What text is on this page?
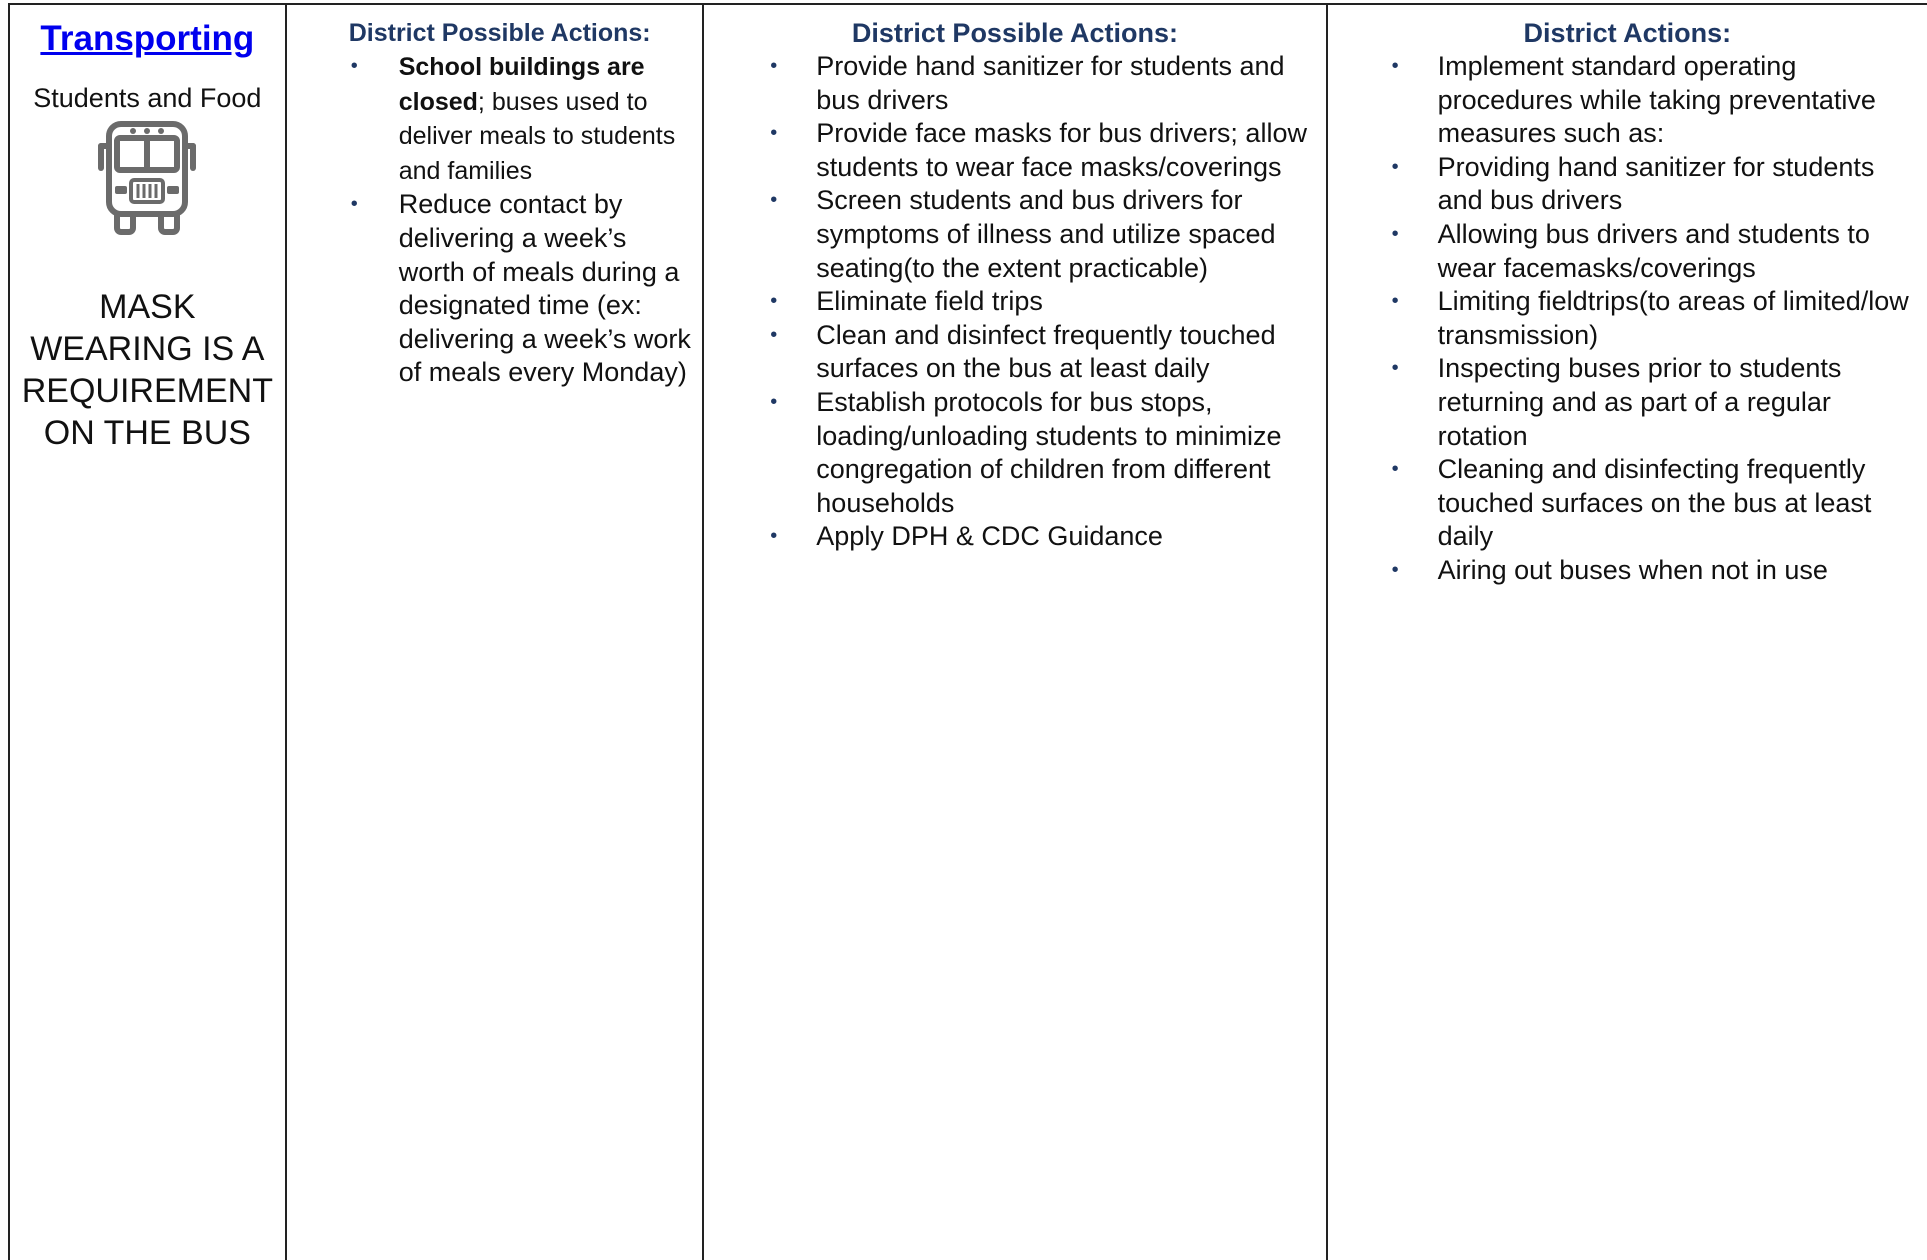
Transporting
Students and Food
MASK
WEARING IS A
REQUIREMENT
ON THE BUS
District Possible Actions:
• School buildings are closed; buses used to deliver meals to students and families
• Reduce contact by delivering a week’s worth of meals during a designated time (ex: delivering a week’s work of meals every Monday)
District Possible Actions:
• Provide hand sanitizer for students and bus drivers
• Provide face masks for bus drivers; allow students to wear face masks/coverings
• Screen students and bus drivers for symptoms of illness and utilize spaced seating(to the extent practicable)
• Eliminate field trips
• Clean and disinfect frequently touched surfaces on the bus at least daily
• Establish protocols for bus stops, loading/unloading students to minimize congregation of children from different households
• Apply DPH & CDC Guidance
District Actions:
• Implement standard operating procedures while taking preventative measures such as:
• Providing hand sanitizer for students and bus drivers
• Allowing bus drivers and students to wear facemasks/coverings
• Limiting fieldtrips(to areas of limited/low transmission)
• Inspecting buses prior to students returning and as part of a regular rotation
• Cleaning and disinfecting frequently touched surfaces on the bus at least daily
• Airing out buses when not in use
